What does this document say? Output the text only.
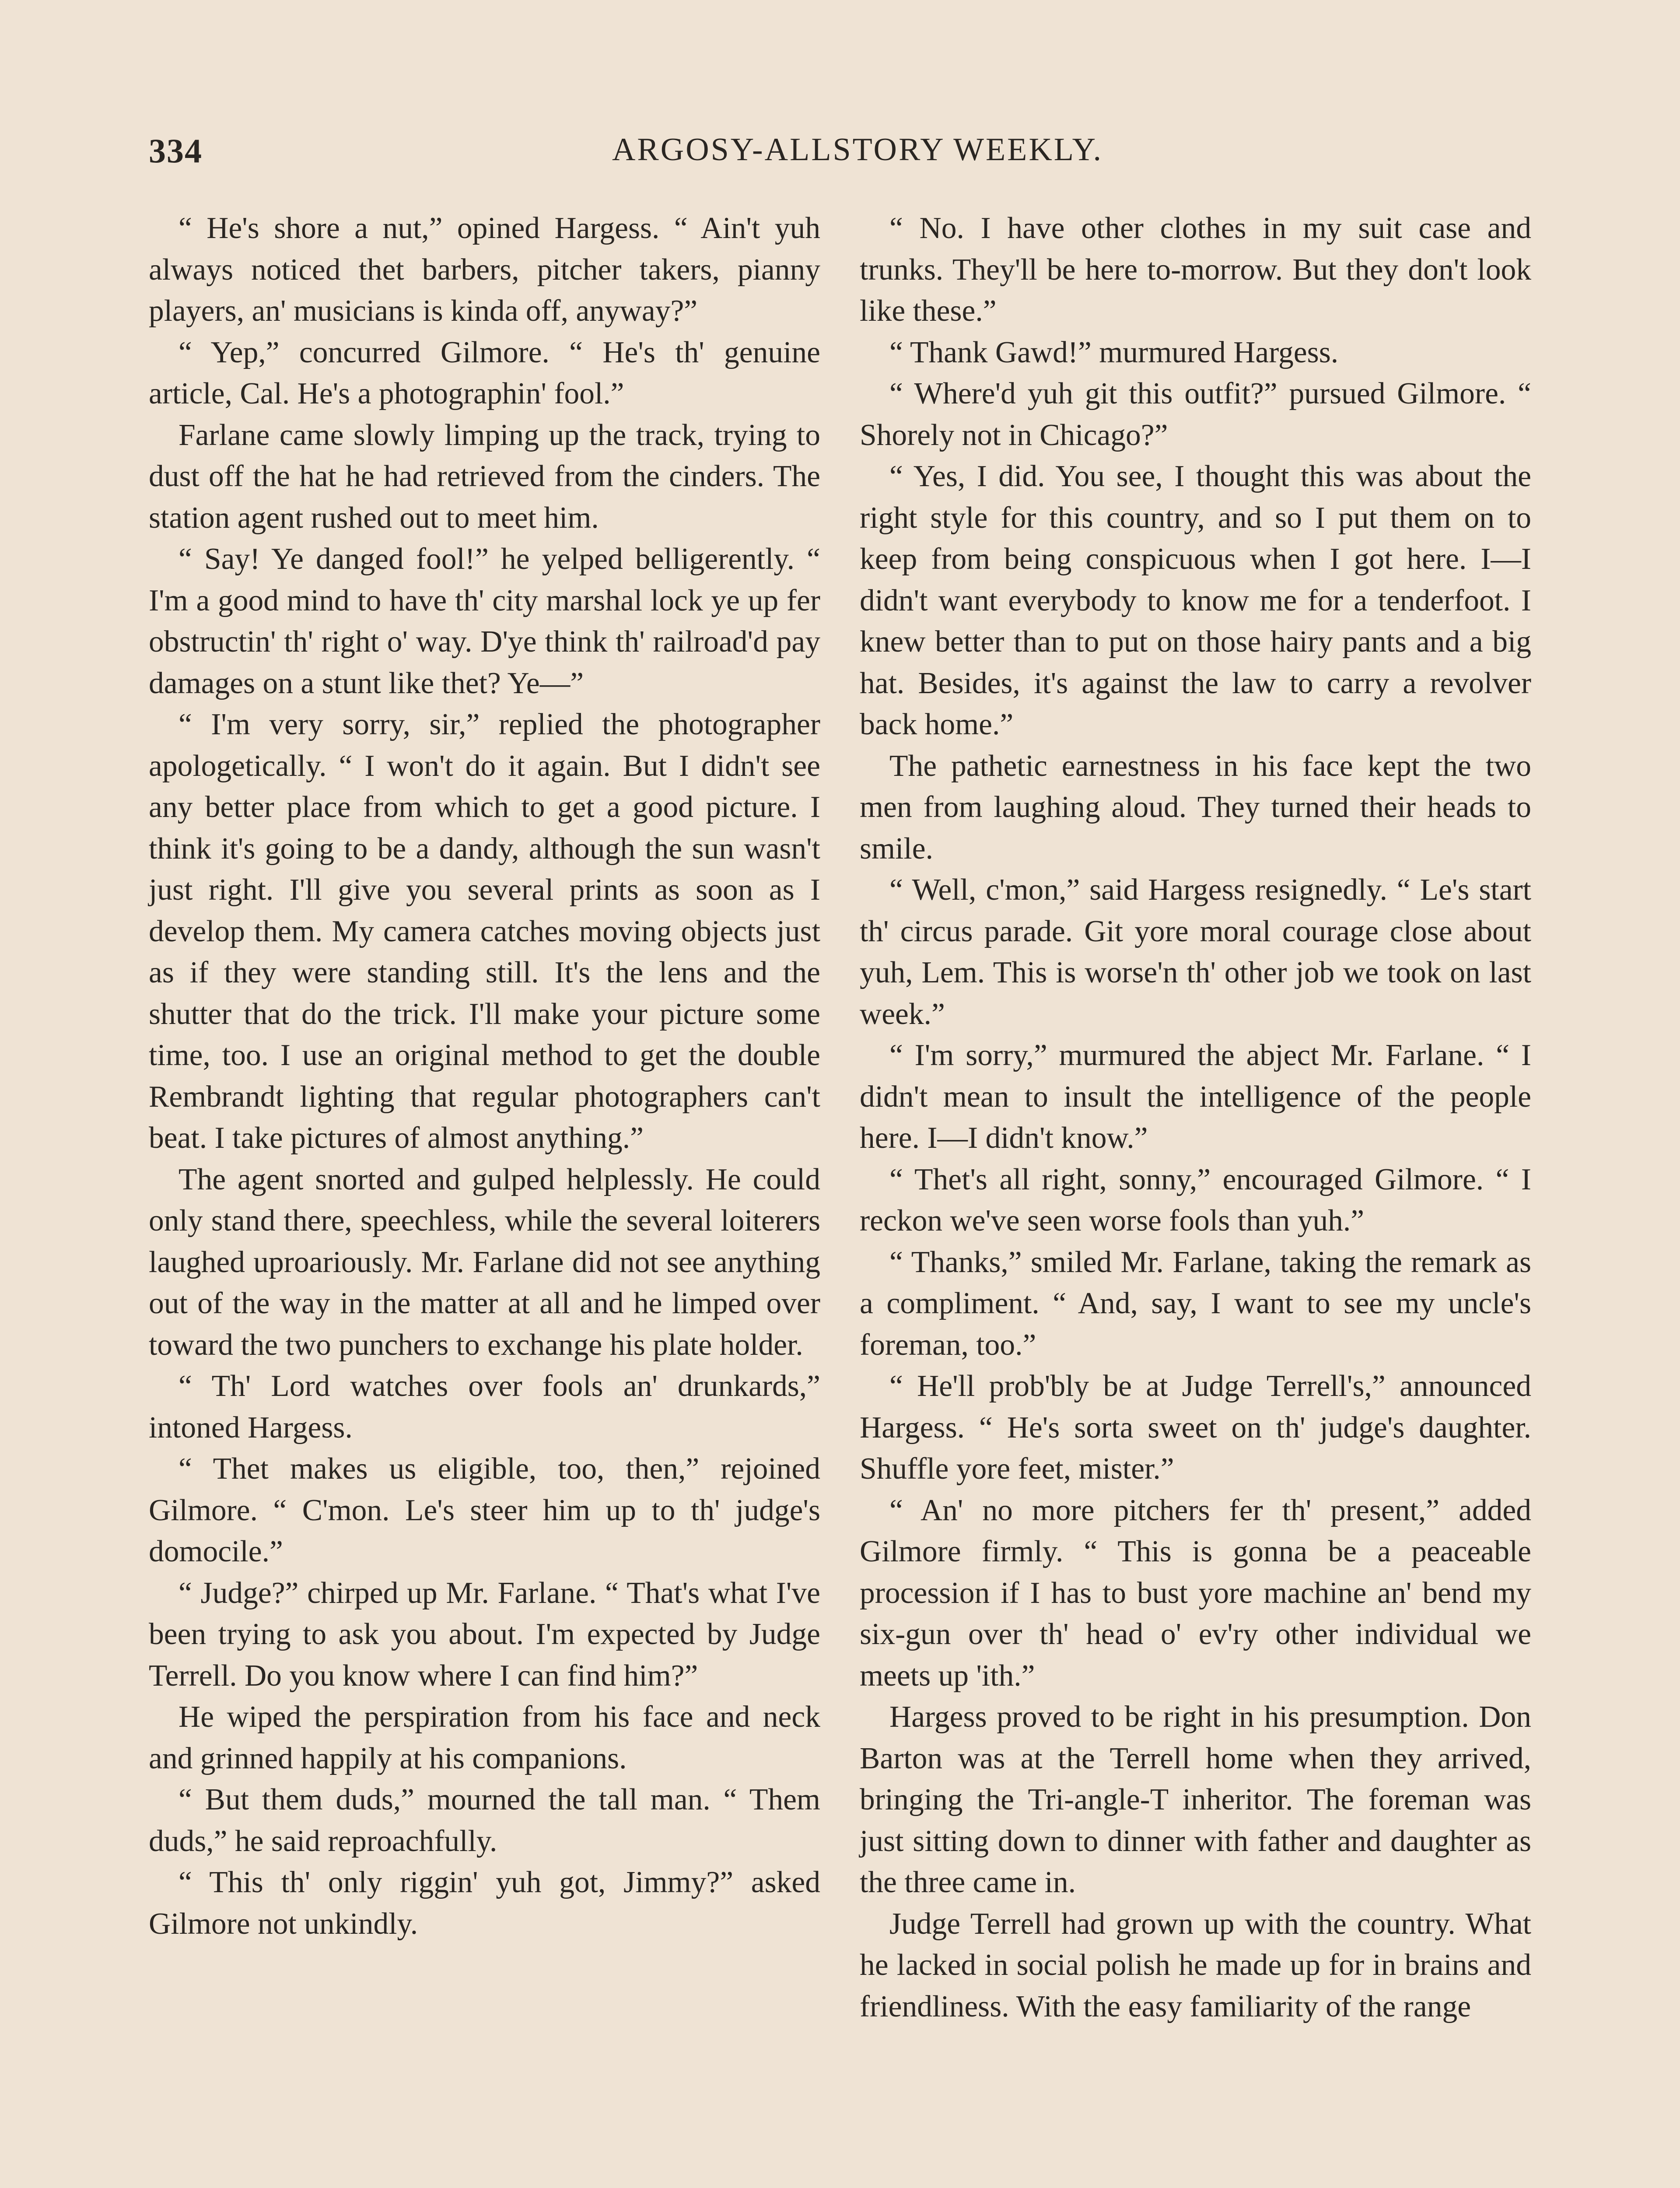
334	ARGOSY-ALLSTORY WEEKLY.

“ He's shore a nut,” opined Hargess. “ Ain't yuh always noticed thet barbers, pitcher takers, pianny players, an' musicians is kinda off, anyway?”

“ Yep,” concurred Gilmore. “ He's th' genuine article, Cal. He's a photographin' fool.”

Farlane came slowly limping up the track, trying to dust off the hat he had retrieved from the cinders. The station agent rushed out to meet him.

“ Say! Ye danged fool!” he yelped belligerently. “ I'm a good mind to have th' city marshal lock ye up fer obstructin' th' right o' way. D'ye think th' railroad'd pay damages on a stunt like thet? Ye—”

“ I'm very sorry, sir,” replied the photographer apologetically. “ I won't do it again. But I didn't see any better place from which to get a good picture. I think it's going to be a dandy, although the sun wasn't just right. I'll give you several prints as soon as I develop them. My camera catches moving objects just as if they were standing still. It's the lens and the shutter that do the trick. I'll make your picture some time, too. I use an original method to get the double Rembrandt lighting that regular photographers can't beat. I take pictures of almost anything.”

The agent snorted and gulped helplessly. He could only stand there, speechless, while the several loiterers laughed uproariously. Mr. Farlane did not see anything out of the way in the matter at all and he limped over toward the two punchers to exchange his plate holder.

“ Th' Lord watches over fools an' drunkards,” intoned Hargess.

“ Thet makes us eligible, too, then,” rejoined Gilmore. “ C'mon. Le's steer him up to th' judge's domocile.”

“ Judge?” chirped up Mr. Farlane. “ That's what I've been trying to ask you about. I'm expected by Judge Terrell. Do you know where I can find him?”

He wiped the perspiration from his face and neck and grinned happily at his companions.

“ But them duds,” mourned the tall man. “ Them duds,” he said reproachfully.

“ This th' only riggin' yuh got, Jimmy?” asked Gilmore not unkindly.

“ No. I have other clothes in my suit case and trunks. They'll be here to-morrow. But they don't look like these.”

“ Thank Gawd!” murmured Hargess.

“ Where'd yuh git this outfit?” pursued Gilmore. “ Shorely not in Chicago?”

“ Yes, I did. You see, I thought this was about the right style for this country, and so I put them on to keep from being conspicuous when I got here. I—I didn't want everybody to know me for a tenderfoot. I knew better than to put on those hairy pants and a big hat. Besides, it's against the law to carry a revolver back home.”

The pathetic earnestness in his face kept the two men from laughing aloud. They turned their heads to smile.

“ Well, c'mon,” said Hargess resignedly. “ Le's start th' circus parade. Git yore moral courage close about yuh, Lem. This is worse'n th' other job we took on last week.”

“ I'm sorry,” murmured the abject Mr. Farlane. “ I didn't mean to insult the intelligence of the people here. I—I didn't know.”

“ Thet's all right, sonny,” encouraged Gilmore. “ I reckon we've seen worse fools than yuh.”

“ Thanks,” smiled Mr. Farlane, taking the remark as a compliment. “ And, say, I want to see my uncle's foreman, too.”

“ He'll prob'bly be at Judge Terrell's,” announced Hargess. “ He's sorta sweet on th' judge's daughter. Shuffle yore feet, mister.”

“ An' no more pitchers fer th' present,” added Gilmore firmly. “ This is gonna be a peaceable procession if I has to bust yore machine an' bend my six-gun over th' head o' ev'ry other individual we meets up 'ith.”

Hargess proved to be right in his presumption. Don Barton was at the Terrell home when they arrived, bringing the Tri-angle-T inheritor. The foreman was just sitting down to dinner with father and daughter as the three came in.

Judge Terrell had grown up with the country. What he lacked in social polish he made up for in brains and friendliness. With the easy familiarity of the range
